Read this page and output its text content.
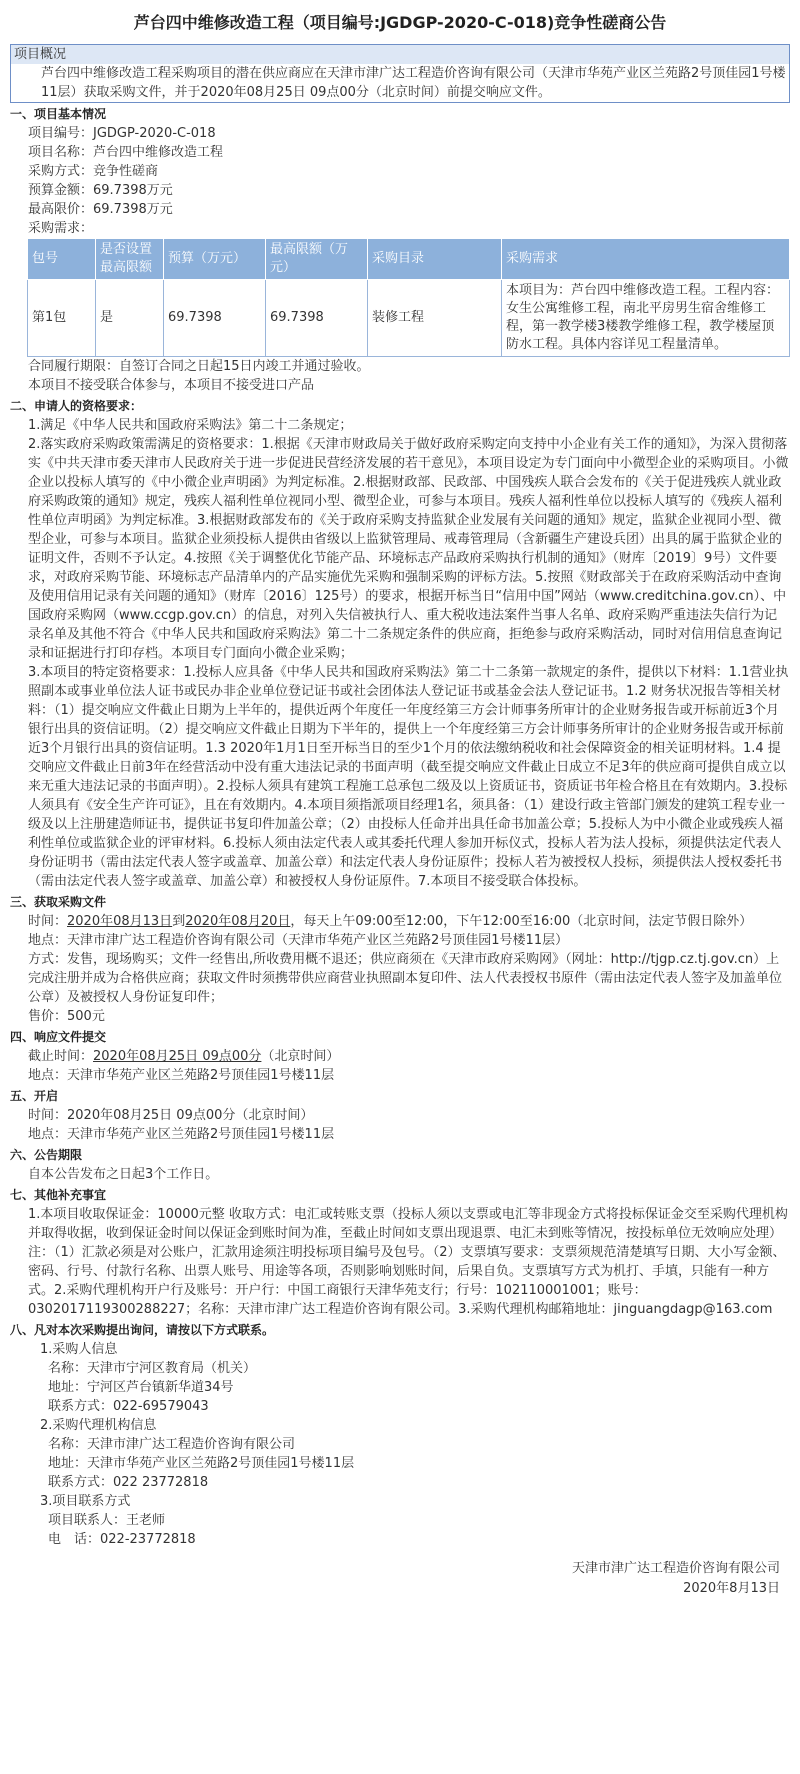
芦台四中维修改造工程（项目编号:JGDGP-2020-C-018)竞争性磋商公告
项目概况
芦台四中维修改造工程采购项目的潜在供应商应在天津市津广达工程造价咨询有限公司（天津市华苑产业区兰苑路2号顶佳园1号楼11层）获取采购文件，并于2020年08月25日 09点00分（北京时间）前提交响应文件。
一、项目基本情况
项目编号：JGDGP-2020-C-018
项目名称：芦台四中维修改造工程
采购方式：竞争性磋商
预算金额：69.7398万元
最高限价：69.7398万元
采购需求：
包号	是否设置最高限额	预算（万元）	最高限额（万元）	采购目录	采购需求
第1包	是	69.7398	69.7398	装修工程	本项目为：芦台四中维修改造工程。工程内容：女生公寓维修工程，南北平房男生宿舍维修工程，第一教学楼3楼教学维修工程，教学楼屋顶防水工程。具体内容详见工程量清单。
合同履行期限：自签订合同之日起15日内竣工并通过验收。
本项目不接受联合体参与，本项目不接受进口产品
二、申请人的资格要求：
1.满足《中华人民共和国政府采购法》第二十二条规定；
2.落实政府采购政策需满足的资格要求：1.根据《天津市财政局关于做好政府采购定向支持中小企业有关工作的通知》，为深入贯彻落实《中共天津市委天津市人民政府关于进一步促进民营经济发展的若干意见》，本项目设定为专门面向中小微型企业的采购项目。小微企业以投标人填写的《中小微企业声明函》为判定标准。2.根据财政部、民政部、中国残疾人联合会发布的《关于促进残疾人就业政府采购政策的通知》规定，残疾人福利性单位视同小型、微型企业，可参与本项目。残疾人福利性单位以投标人填写的《残疾人福利性单位声明函》为判定标准。3.根据财政部发布的《关于政府采购支持监狱企业发展有关问题的通知》规定，监狱企业视同小型、微型企业，可参与本项目。监狱企业须投标人提供由省级以上监狱管理局、戒毒管理局（含新疆生产建设兵团）出具的属于监狱企业的证明文件，否则不予认定。4.按照《关于调整优化节能产品、环境标志产品政府采购执行机制的通知》（财库〔2019〕9号）文件要求，对政府采购节能、环境标志产品清单内的产品实施优先采购和强制采购的评标方法。5.按照《财政部关于在政府采购活动中查询及使用信用记录有关问题的通知》（财库〔2016〕125号）的要求，根据开标当日“信用中国”网站（www.creditchina.gov.cn）、中国政府采购网（www.ccgp.gov.cn）的信息，对列入失信被执行人、重大税收违法案件当事人名单、政府采购严重违法失信行为记录名单及其他不符合《中华人民共和国政府采购法》第二十二条规定条件的供应商，拒绝参与政府采购活动，同时对信用信息查询记录和证据进行打印存档。本项目专门面向小微企业采购；
3.本项目的特定资格要求：1.投标人应具备《中华人民共和国政府采购法》第二十二条第一款规定的条件，提供以下材料：1.1营业执照副本或事业单位法人证书或民办非企业单位登记证书或社会团体法人登记证书或基金会法人登记证书。1.2 财务状况报告等相关材料：（1）提交响应文件截止日期为上半年的，提供近两个年度任一年度经第三方会计师事务所审计的企业财务报告或开标前近3个月银行出具的资信证明。（2）提交响应文件截止日期为下半年的，提供上一个年度经第三方会计师事务所审计的企业财务报告或开标前近3个月银行出具的资信证明。1.3 2020年1月1日至开标当日的至少1个月的依法缴纳税收和社会保障资金的相关证明材料。1.4 提交响应文件截止日前3年在经营活动中没有重大违法记录的书面声明（截至提交响应文件截止日成立不足3年的供应商可提供自成立以来无重大违法记录的书面声明）。2.投标人须具有建筑工程施工总承包二级及以上资质证书，资质证书年检合格且在有效期内。3.投标人须具有《安全生产许可证》，且在有效期内。4.本项目须指派项目经理1名，须具备：（1）建设行政主管部门颁发的建筑工程专业一级及以上注册建造师证书，提供证书复印件加盖公章；（2）由投标人任命并出具任命书加盖公章；5.投标人为中小微企业或残疾人福利性单位或监狱企业的评审材料。6.投标人须由法定代表人或其委托代理人参加开标仪式，投标人若为法人投标，须提供法定代表人身份证明书（需由法定代表人签字或盖章、加盖公章）和法定代表人身份证原件；投标人若为被授权人投标，须提供法人授权委托书（需由法定代表人签字或盖章、加盖公章）和被授权人身份证原件。7.本项目不接受联合体投标。
三、获取采购文件
时间：2020年08月13日到2020年08月20日，每天上午09:00至12:00，下午12:00至16:00（北京时间，法定节假日除外）
地点：天津市津广达工程造价咨询有限公司（天津市华苑产业区兰苑路2号顶佳园1号楼11层）
方式：发售，现场购买；文件一经售出,所收费用概不退还；供应商须在《天津市政府采购网》（网址：http://tjgp.cz.tj.gov.cn）上完成注册并成为合格供应商；获取文件时须携带供应商营业执照副本复印件、法人代表授权书原件（需由法定代表人签字及加盖单位公章）及被授权人身份证复印件；
售价：500元
四、响应文件提交
截止时间：2020年08月25日 09点00分（北京时间）
地点：天津市华苑产业区兰苑路2号顶佳园1号楼11层
五、开启
时间：2020年08月25日 09点00分（北京时间）
地点：天津市华苑产业区兰苑路2号顶佳园1号楼11层
六、公告期限
自本公告发布之日起3个工作日。
七、其他补充事宜
1.本项目收取保证金：10000元整 收取方式：电汇或转账支票（投标人须以支票或电汇等非现金方式将投标保证金交至采购代理机构并取得收据，收到保证金时间以保证金到账时间为准，至截止时间如支票出现退票、电汇未到账等情况，按投标单位无效响应处理）注：（1）汇款必须是对公账户，汇款用途须注明投标项目编号及包号。（2）支票填写要求：支票须规范清楚填写日期、大小写金额、密码、行号、付款行名称、出票人账号、用途等各项，否则影响划账时间，后果自负。支票填写方式为机打、手填，只能有一种方式。2.采购代理机构开户行及账号：开户行：中国工商银行天津华苑支行；行号：102110001001；账号：0302017119300288227；名称：天津市津广达工程造价咨询有限公司。3.采购代理机构邮箱地址：jinguangdagp@163.com
八、凡对本次采购提出询问，请按以下方式联系。
1.采购人信息
名称：天津市宁河区教育局（机关）
地址：宁河区芦台镇新华道34号
联系方式：022-69579043
2.采购代理机构信息
名称：天津市津广达工程造价咨询有限公司
地址：天津市华苑产业区兰苑路2号顶佳园1号楼11层
联系方式：022 23772818
3.项目联系方式
项目联系人：王老师
电　话：022-23772818
天津市津广达工程造价咨询有限公司
2020年8月13日
